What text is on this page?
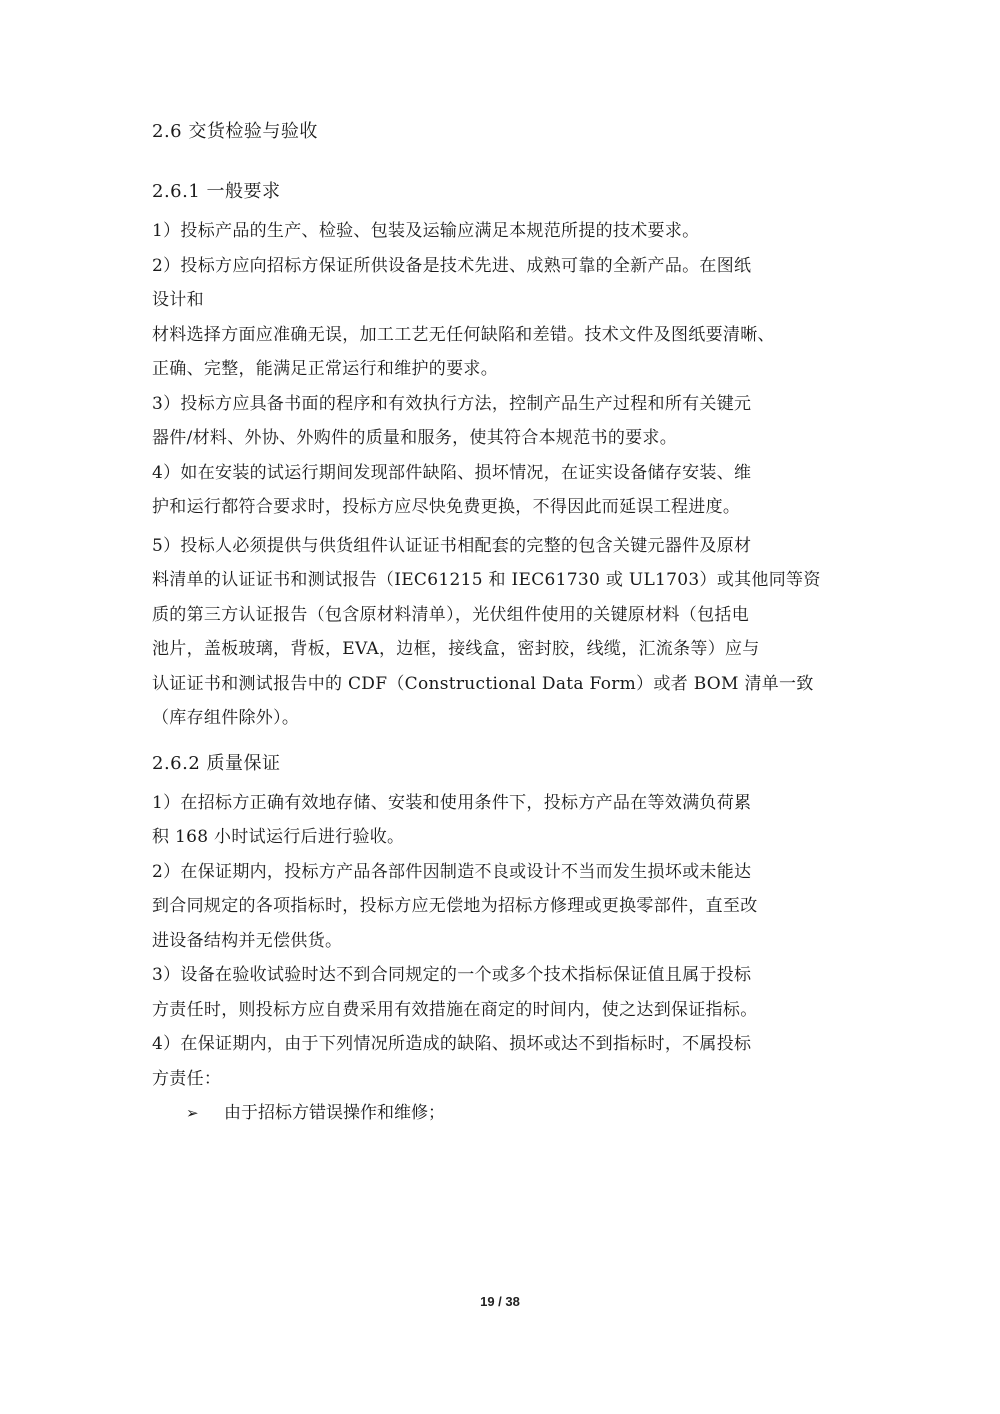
2.6 交货检验与验收
2.6.1 一般要求

1）投标产品的生产、检验、包装及运输应满足本规范所提的技术要求。

2）投标方应向招标方保证所供设备是技术先进、成熟可靠的全新产品。在图纸

设计和

材料选择方面应准确无误，加工工艺无任何缺陷和差错。技术文件及图纸要清晰、

正确、完整，能满足正常运行和维护的要求。

3）投标方应具备书面的程序和有效执行方法，控制产品生产过程和所有关键元

器件/材料、外协、外购件的质量和服务，使其符合本规范书的要求。

4）如在安装的试运行期间发现部件缺陷、损坏情况，在证实设备储存安装、维

护和运行都符合要求时，投标方应尽快免费更换，不得因此而延误工程进度。

5）投标人必须提供与供货组件认证证书相配套的完整的包含关键元器件及原材

料清单的认证证书和测试报告（IEC61215 和 IEC61730 或 UL1703）或其他同等资

质的第三方认证报告（包含原材料清单），光伏组件使用的关键原材料（包括电

池片，盖板玻璃，背板，EVA，边框，接线盒，密封胶，线缆，汇流条等）应与

认证证书和测试报告中的 CDF（Constructional Data Form）或者 BOM 清单一致

（库存组件除外）。

2.6.2 质量保证

1）在招标方正确有效地存储、安装和使用条件下，投标方产品在等效满负荷累

积 168 小时试运行后进行验收。

2）在保证期内，投标方产品各部件因制造不良或设计不当而发生损坏或未能达

到合同规定的各项指标时，投标方应无偿地为招标方修理或更换零部件，直至改

进设备结构并无偿供货。

3）设备在验收试验时达不到合同规定的一个或多个技术指标保证值且属于投标

方责任时，则投标方应自费采用有效措施在商定的时间内，使之达到保证指标。

4）在保证期内，由于下列情况所造成的缺陷、损坏或达不到指标时，不属投标

方责任：

➢	由于招标方错误操作和维修；
19 / 38
